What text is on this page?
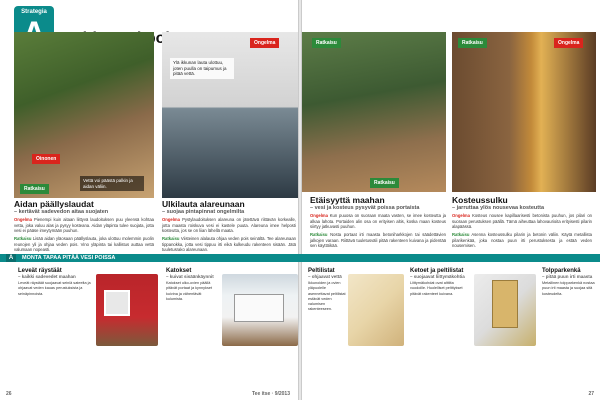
Strategia
Oinonen
Ratkaisu
Vettä voi päästä palkin ja aidan väliin.
Ylä ikkunan lauta ulottuu, joten puulla on taipumus ja pitää vettä.
Ongelma
Aidan päällyslaudat
– kertävät sadevedon aitaa suojaten

Ongelma Pienempi kuin aitaan liittyvä laudoituksen puu yleensä kohtaa vetta, joka valuu alas ja pysyy kosteana. Aidan yläpinta tulee suojata, jotta vesi ei pääse imeytymään puuhun.

Ratkaisu Lisää aidan yläosaan päällyslauta, joka ulottuu molemmin puolin reunojen yli ja ohjaa veden pois. Vino yläpinta tai kallistus auttaa vettä valumaan nopeasti.

Ulkilauta alareunaan
– suojaa pintapinnat ongelmilta

Ongelma Pystylaudoituksen alareuna on jätettävä riittävän korkealle, jotta maasta roiskuva vesi ei kastele puuta. Alareuna imee helposti kosteutta, jos se on liian lähellä maata.

Ratkaisu Viisteinen alalauta ohjaa veden pois seinältä. Tee alareunaan tippanokka, jotta vesi tippuu irti eikä kulkeudu rakenteen sisään. Jätä tuuletusrako alareunaan.

Ratkaisu
Ratkaisu
Ratkaisu	Ongelma
Etäisyyttä maahan
– vesi ja kosteus pysyvät poissa portaista

Ongelma Kun puuosa on suoraan maata vasten, se imee kosteutta ja alkaa lahota. Portaiden alin osa on erityisen altis, koska maan kosteus siirtyy jatkuvasti puuhun.

Ratkaisu Nosta portaat irti maasta betoniharkkojen tai säädettävien jalkojen varaan. Riittävä tuuletusväli pitää rakenteen kuivana ja pidentää sen käyttöikää.

Kosteussulku
– jarruttaa ylös nousevaa kosteutta

Ongelma Kosteus nousee kapillaarisesti betonista puuhun, jos pilari on suoraan perustuksen päällä. Tämä aiheuttaa lahovaurioita erityisesti pilarin alapäässä.

Ratkaisu Asenna kosteussulku pilarin ja betonin väliin. Käytä metallista pilarikenkää, joka nostaa puun irti perustuksesta ja estää veden nousemisen.

A	MONTA TAPAA PITÄÄ VESI POISSA
Leveät räystäät
– kaikki sadevedet maahan

Leveät räystäät suojaavat seiniä sateelta ja ohjaavat veden kauas perustuksista ja seinäpinnoista.

Katokset
– kuivat sisäänkäynnit

Katokset ulko-ovien päällä pitävät portaat ja kynnykset kuivina ja vähentävät kulumista.

Peltilistat
– ohjaavat vettä

Ikkunoiden ja ovien yläpuolelle asennettavat peltilistat estävät veden valumisen rakenteeseen.

Ketoet ja peltilistat
– suojaavat liittymäkohtia

Liittymäkohdat ovat alttiita vuodoille. Huolelliset peltitykset pitävät rakenteet kuivana.

Tolpparkenkä
– pitää puun irti maasta

Metallinen tolpparkenkä nostaa puun irti maasta ja suojaa sitä kosteudelta.

26	Tee itse · 9/2013	27
